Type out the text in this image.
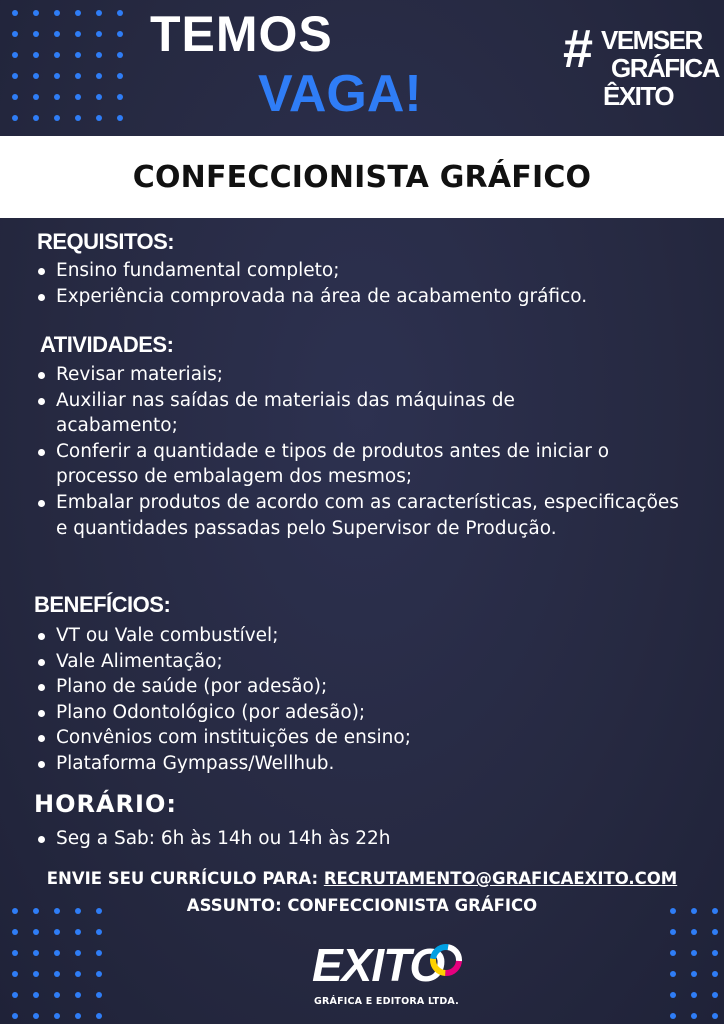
TEMOS
VAGA!
# VEMSER
GRÁFICA
ÊXITO
CONFECCIONISTA GRÁFICO
REQUISITOS:
Ensino fundamental completo;
Experiência comprovada na área de acabamento gráfico.
ATIVIDADES:
Revisar materiais;
Auxiliar nas saídas de materiais das máquinas de acabamento;
Conferir a quantidade e tipos de produtos antes de iniciar o processo de embalagem dos mesmos;
Embalar produtos de acordo com as características, especificações e quantidades passadas pelo Supervisor de Produção.
BENEFÍCIOS:
VT ou Vale combustível;
Vale Alimentação;
Plano de saúde (por adesão);
Plano Odontológico (por adesão);
Convênios com instituições de ensino;
Plataforma Gympass/Wellhub.
HORÁRIO:
Seg a Sab: 6h às 14h ou 14h às 22h
ENVIE SEU CURRÍCULO PARA: RECRUTAMENTO@GRAFICAEXITO.COM
ASSUNTO: CONFECCIONISTA GRÁFICO
EXITO
GRÁFICA E EDITORA LTDA.
